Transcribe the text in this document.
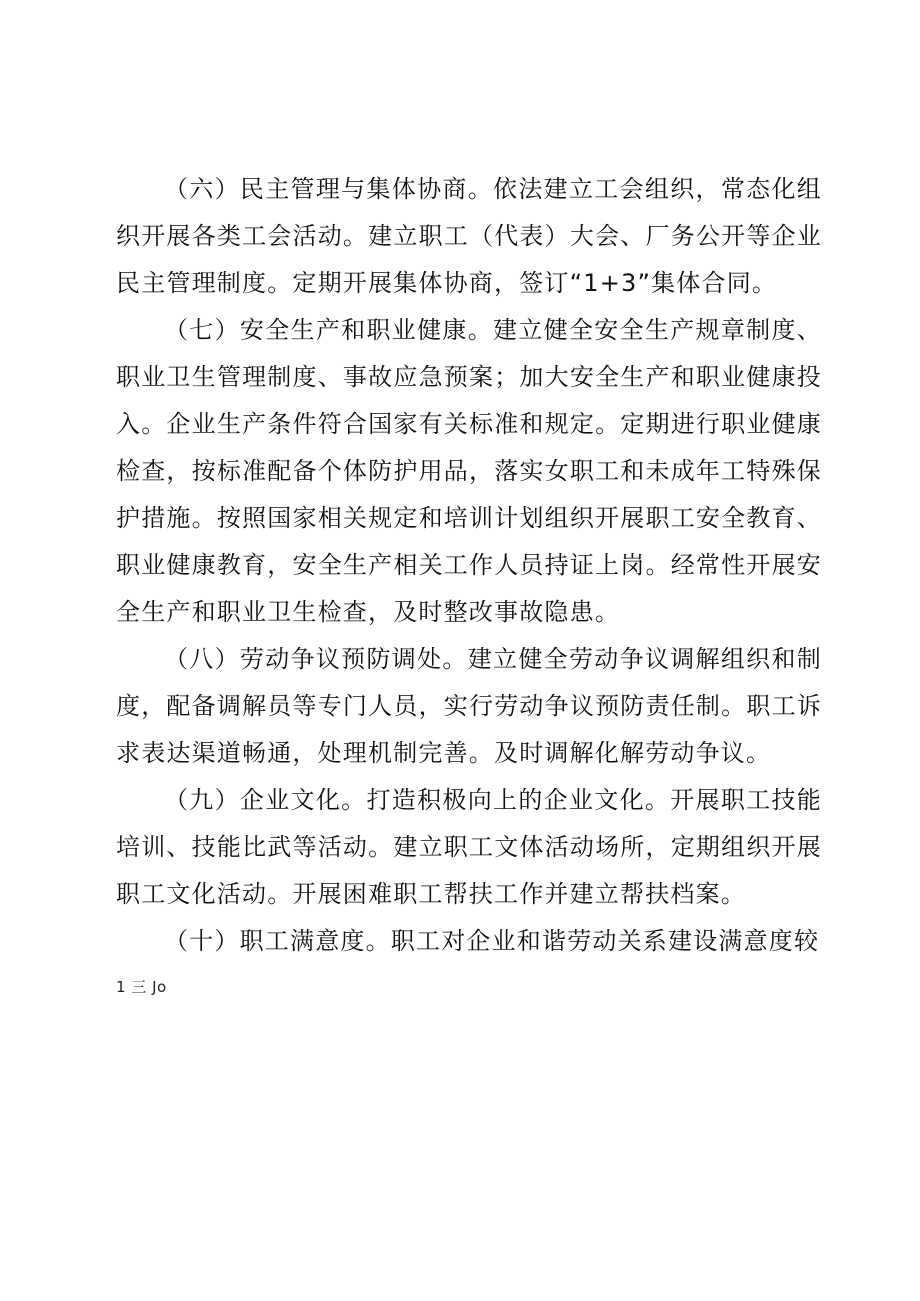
（六）民主管理与集体协商。依法建立工会组织，常态化组织开展各类工会活动。建立职工（代表）大会、厂务公开等企业民主管理制度。定期开展集体协商，签订“1+3”集体合同。

（七）安全生产和职业健康。建立健全安全生产规章制度、职业卫生管理制度、事故应急预案；加大安全生产和职业健康投入。企业生产条件符合国家有关标准和规定。定期进行职业健康检查，按标准配备个体防护用品，落实女职工和未成年工特殊保护措施。按照国家相关规定和培训计划组织开展职工安全教育、职业健康教育，安全生产相关工作人员持证上岗。经常性开展安全生产和职业卫生检查，及时整改事故隐患。

（八）劳动争议预防调处。建立健全劳动争议调解组织和制度，配备调解员等专门人员，实行劳动争议预防责任制。职工诉求表达渠道畅通，处理机制完善。及时调解化解劳动争议。

（九）企业文化。打造积极向上的企业文化。开展职工技能培训、技能比武等活动。建立职工文体活动场所，定期组织开展职工文化活动。开展困难职工帮扶工作并建立帮扶档案。

（十）职工满意度。职工对企业和谐劳动关系建设满意度较

1 三 Jo
